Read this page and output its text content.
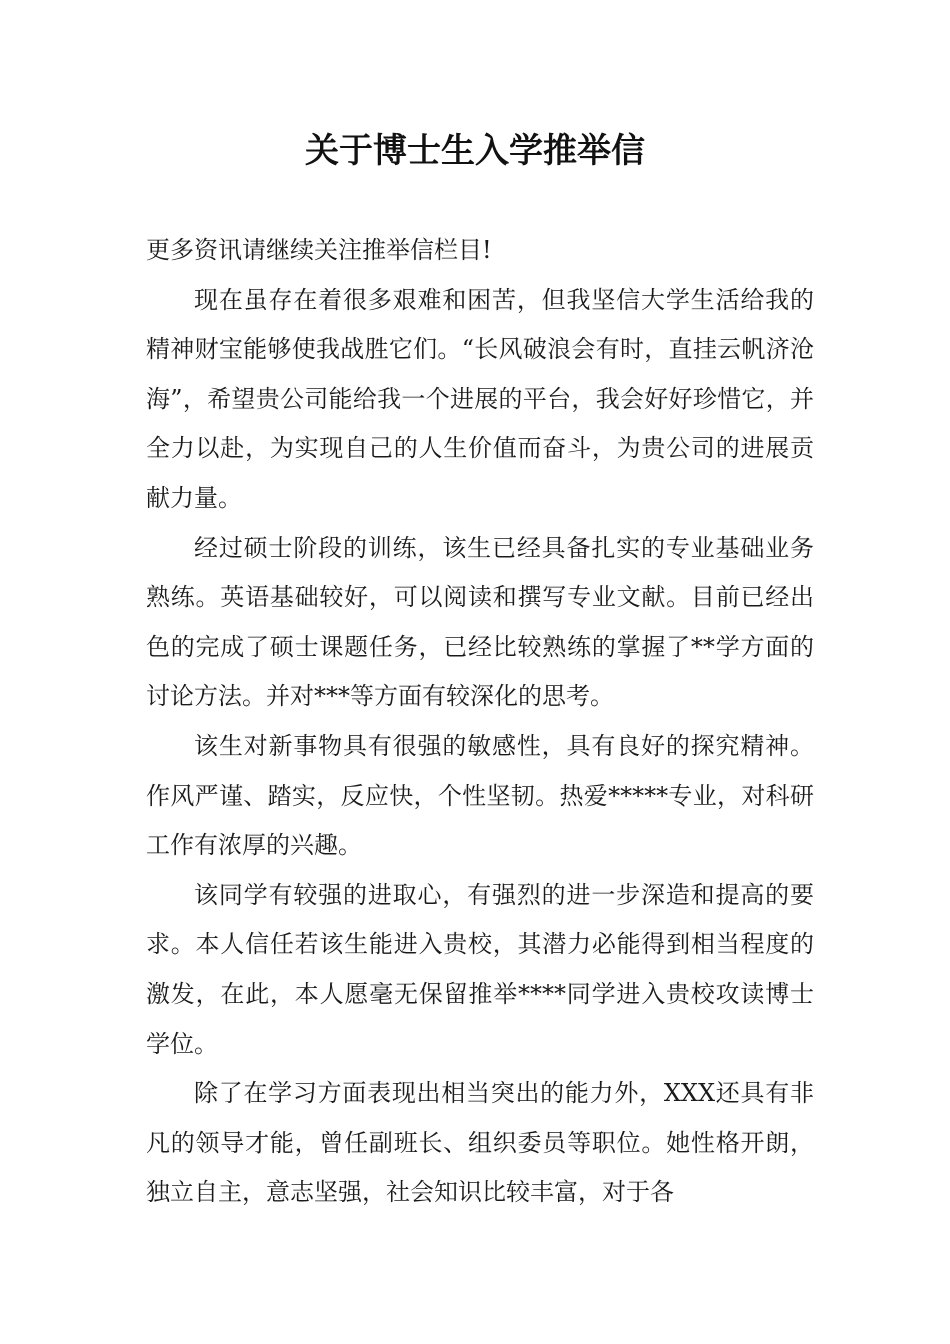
关于博士生入学推举信

更多资讯请继续关注推举信栏目!

现在虽存在着很多艰难和困苦，但我坚信大学生活给我的精神财宝能够使我战胜它们。“长风破浪会有时，直挂云帆济沧海”，希望贵公司能给我一个进展的平台，我会好好珍惜它，并全力以赴，为实现自己的人生价值而奋斗，为贵公司的进展贡献力量。

经过硕士阶段的训练，该生已经具备扎实的专业基础业务熟练。英语基础较好，可以阅读和撰写专业文献。目前已经出色的完成了硕士课题任务，已经比较熟练的掌握了**学方面的讨论方法。并对***等方面有较深化的思考。

该生对新事物具有很强的敏感性，具有良好的探究精神。作风严谨、踏实，反应快，个性坚韧。热爱*****专业，对科研工作有浓厚的兴趣。

该同学有较强的进取心，有强烈的进一步深造和提高的要求。本人信任若该生能进入贵校，其潜力必能得到相当程度的激发，在此，本人愿毫无保留推举****同学进入贵校攻读博士学位。

除了在学习方面表现出相当突出的能力外，XXX还具有非凡的领导才能，曾任副班长、组织委员等职位。她性格开朗，独立自主，意志坚强，社会知识比较丰富，对于各
